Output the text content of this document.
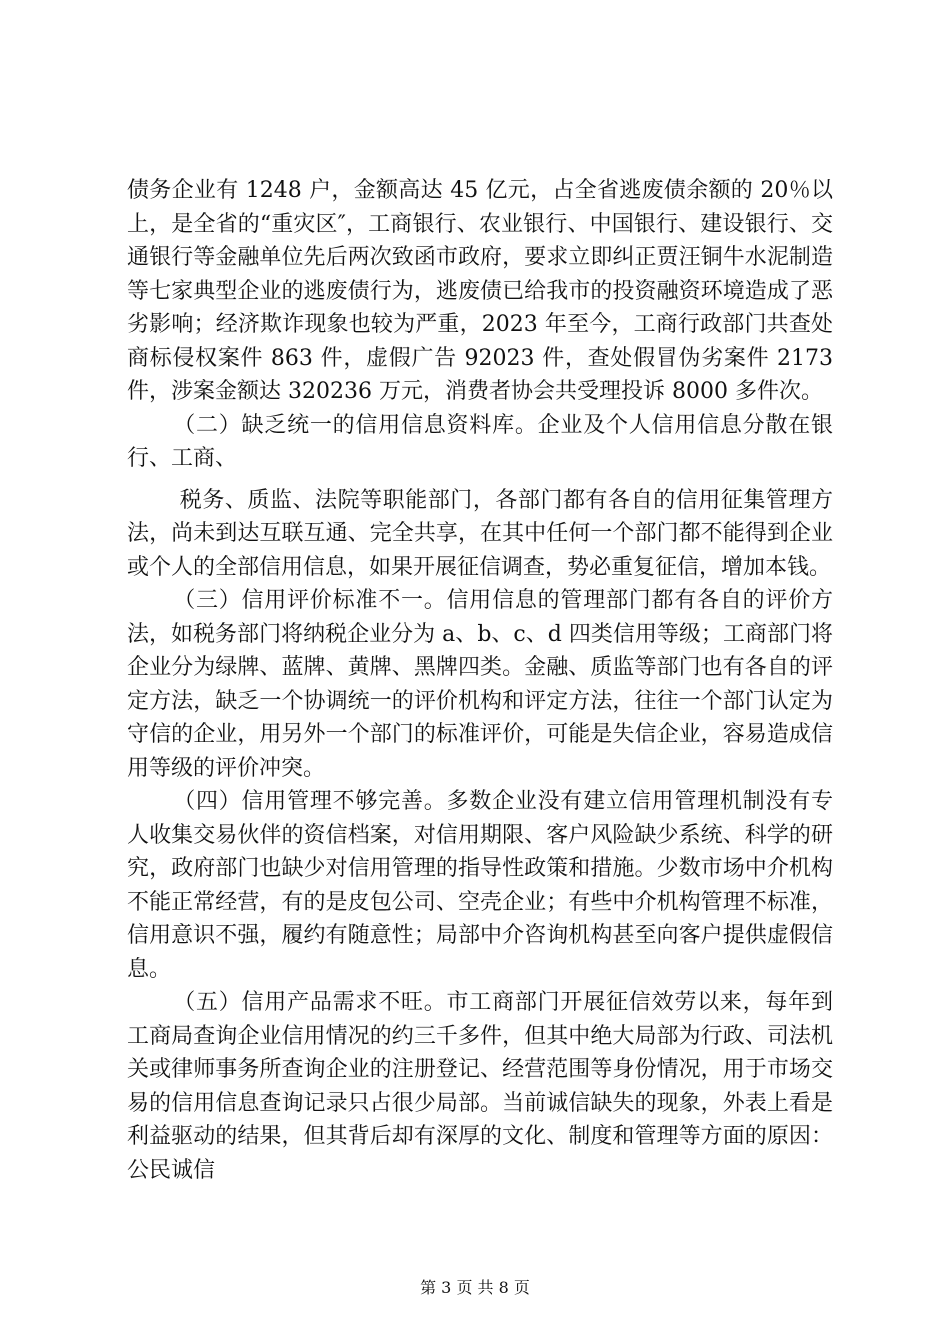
债务企业有 1248 户，金额高达 45 亿元，占全省逃废债余额的 20％以上，是全省的“重灾区″，工商银行、农业银行、中国银行、建设银行、交通银行等金融单位先后两次致函市政府，要求立即纠正贾汪铜牛水泥制造等七家典型企业的逃废债行为，逃废债已给我市的投资融资环境造成了恶劣影响；经济欺诈现象也较为严重，2023 年至今，工商行政部门共查处商标侵权案件 863 件，虚假广告 92023 件，查处假冒伪劣案件 2173 件，涉案金额达 320236 万元，消费者协会共受理投诉 8000 多件次。

（二）缺乏统一的信用信息资料库。企业及个人信用信息分散在银行、工商、

税务、质监、法院等职能部门，各部门都有各自的信用征集管理方法，尚未到达互联互通、完全共享，在其中任何一个部门都不能得到企业或个人的全部信用信息，如果开展征信调查，势必重复征信，增加本钱。

（三）信用评价标准不一。信用信息的管理部门都有各自的评价方法，如税务部门将纳税企业分为 a、b、c、d 四类信用等级；工商部门将企业分为绿牌、蓝牌、黄牌、黑牌四类。金融、质监等部门也有各自的评定方法，缺乏一个协调统一的评价机构和评定方法，往往一个部门认定为守信的企业，用另外一个部门的标准评价，可能是失信企业，容易造成信用等级的评价冲突。

（四）信用管理不够完善。多数企业没有建立信用管理机制没有专人收集交易伙伴的资信档案，对信用期限、客户风险缺少系统、科学的研究，政府部门也缺少对信用管理的指导性政策和措施。少数市场中介机构不能正常经营，有的是皮包公司、空壳企业；有些中介机构管理不标准，信用意识不强，履约有随意性；局部中介咨询机构甚至向客户提供虚假信息。

（五）信用产品需求不旺。市工商部门开展征信效劳以来，每年到工商局查询企业信用情况的约三千多件，但其中绝大局部为行政、司法机关或律师事务所查询企业的注册登记、经营范围等身份情况，用于市场交易的信用信息查询记录只占很少局部。当前诚信缺失的现象，外表上看是利益驱动的结果，但其背后却有深厚的文化、制度和管理等方面的原因：公民诚信

第 3 页 共 8 页
